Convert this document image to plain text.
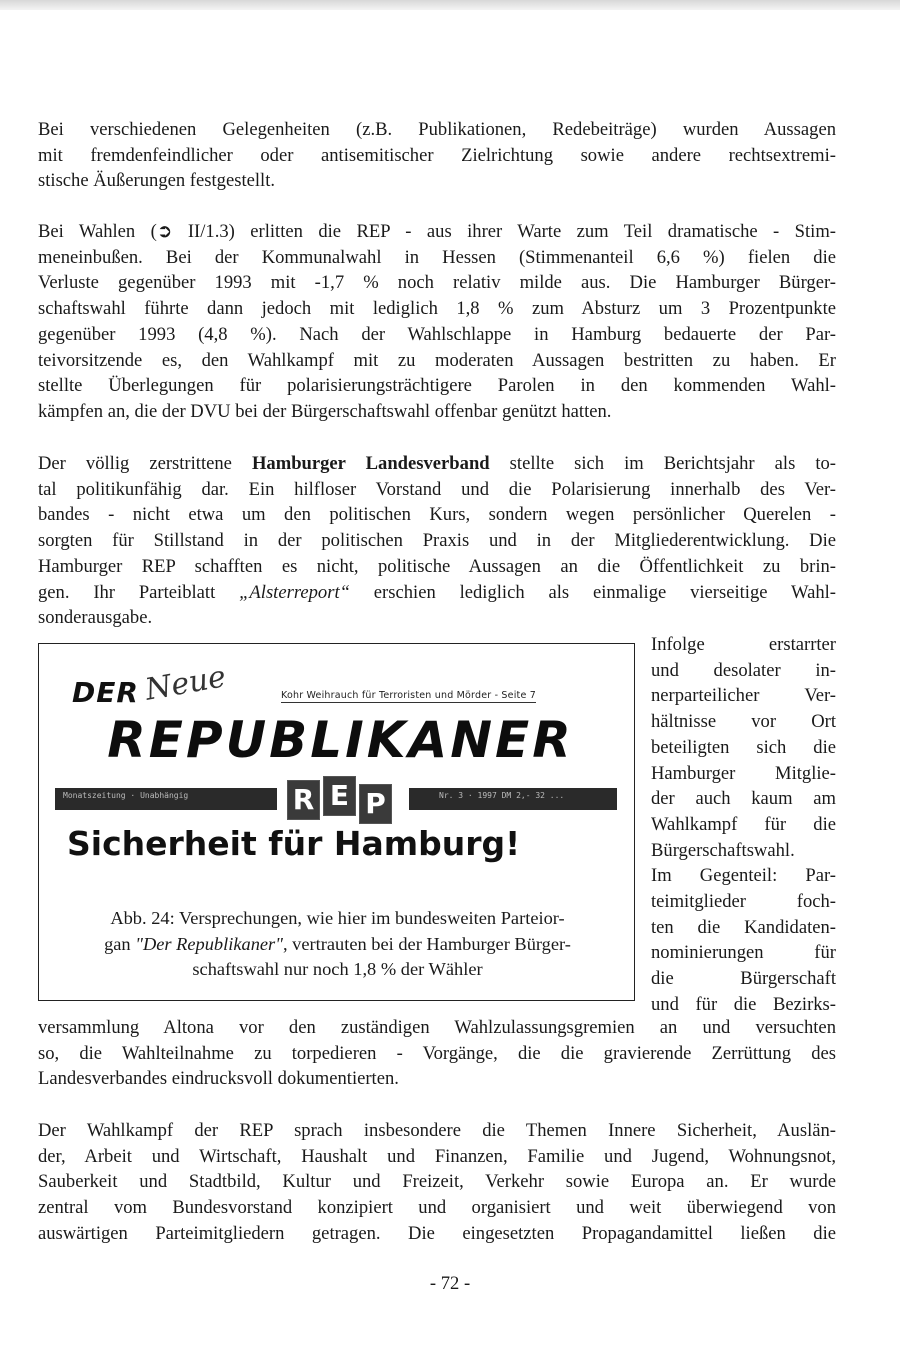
Bei verschiedenen Gelegenheiten (z.B. Publikationen, Redebeiträge) wurden Aussagen
mit fremdenfeindlicher oder antisemitischer Zielrichtung sowie andere rechtsextremi-
stische Äußerungen festgestellt.
Bei Wahlen (➲ II/1.3) erlitten die REP - aus ihrer Warte zum Teil dramatische - Stim-
meneinbußen. Bei der Kommunalwahl in Hessen (Stimmenanteil 6,6 %) fielen die
Verluste gegenüber 1993 mit -1,7 % noch relativ milde aus. Die Hamburger Bürger-
schaftswahl führte dann jedoch mit lediglich 1,8 % zum Absturz um 3 Prozentpunkte
gegenüber 1993 (4,8 %). Nach der Wahlschlappe in Hamburg bedauerte der Par-
teivorsitzende es, den Wahlkampf mit zu moderaten Aussagen bestritten zu haben. Er
stellte Überlegungen für polarisierungsträchtigere Parolen in den kommenden Wahl-
kämpfen an, die der DVU bei der Bürgerschaftswahl offenbar genützt hatten.
Der völlig zerstrittene Hamburger Landesverband stellte sich im Berichtsjahr als to-
tal politikunfähig dar. Ein hilfloser Vorstand und die Polarisierung innerhalb des Ver-
bandes - nicht etwa um den politischen Kurs, sondern wegen persönlicher Querelen -
sorgten für Stillstand in der politischen Praxis und in der Mitgliederentwicklung. Die
Hamburger REP schafften es nicht, politische Aussagen an die Öffentlichkeit zu brin-
gen. Ihr Parteiblatt „Alsterreport“ erschien lediglich als einmalige vierseitige Wahl-
sonderausgabe.
Infolge erstarrter
und desolater in-
nerparteilicher Ver-
hältnisse vor Ort
beteiligten sich die
Hamburger Mitglie-
der auch kaum am
Wahlkampf für die
Bürgerschaftswahl.
Im Gegenteil: Par-
teimitglieder foch-
ten die Kandidaten-
nominierungen für
die Bürgerschaft
und für die Bezirks-
DER Neue	Kohr Weihrauch für Terroristen und Mörder - Seite 7
REPUBLIKANER
Monatszeitung · Unabhängig	R E P	Nr. 3 · 1997 DM 2,- 32 ...
Sicherheit für Hamburg!
Abb. 24: Versprechungen, wie hier im bundesweiten Parteior-
gan "Der Republikaner", vertrauten bei der Hamburger Bürger-
schaftswahl nur noch 1,8 % der Wähler
versammlung Altona vor den zuständigen Wahlzulassungsgremien an und versuchten
so, die Wahlteilnahme zu torpedieren - Vorgänge, die die gravierende Zerrüttung des
Landesverbandes eindrucksvoll dokumentierten.
Der Wahlkampf der REP sprach insbesondere die Themen Innere Sicherheit, Auslän-
der, Arbeit und Wirtschaft, Haushalt und Finanzen, Familie und Jugend, Wohnungsnot,
Sauberkeit und Stadtbild, Kultur und Freizeit, Verkehr sowie Europa an. Er wurde
zentral vom Bundesvorstand konzipiert und organisiert und weit überwiegend von
auswärtigen Parteimitgliedern getragen. Die eingesetzten Propagandamittel ließen die
- 72 -
